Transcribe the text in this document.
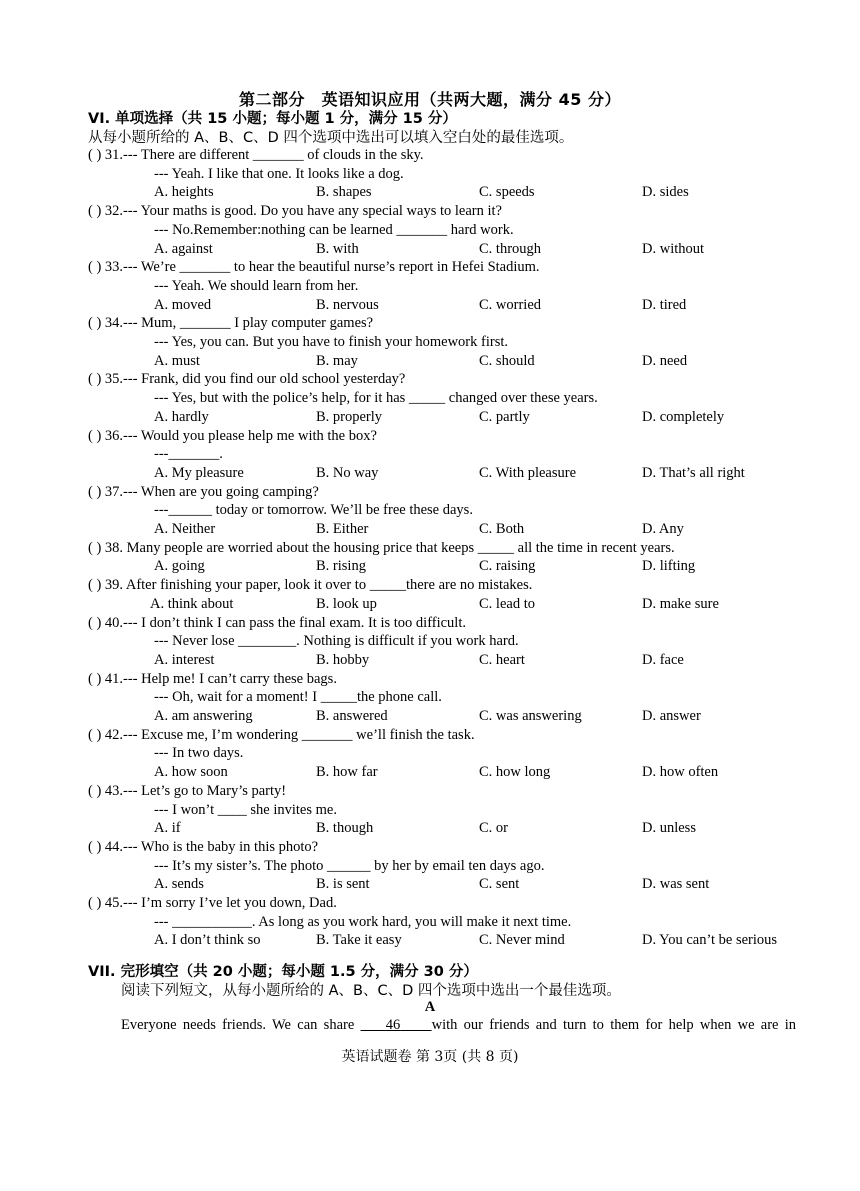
第二部分　英语知识应用（共两大题，满分 45 分）
VI. 单项选择（共 15 小题；每小题 1 分，满分 15 分）
从每小题所给的 A、B、C、D 四个选项中选出可以填入空白处的最佳选项。
( ) 31.--- There are different _______ of clouds in the sky.
--- Yeah. I like that one. It looks like a dog.
A. heights	B. shapes	C. speeds	D. sides
( ) 32.--- Your maths is good. Do you have any special ways to learn it?
--- No.Remember:nothing can be learned _______ hard work.
A. against	B. with	C. through	D. without
( ) 33.--- We’re _______ to hear the beautiful nurse’s report in Hefei Stadium.
--- Yeah. We should learn from her.
A. moved	B. nervous	C. worried	D. tired
( ) 34.--- Mum, _______ I play computer games?
--- Yes, you can. But you have to finish your homework first.
A. must	B. may	C. should	D. need
( ) 35.--- Frank, did you find our old school yesterday?
--- Yes, but with the police’s help, for it has _____ changed over these years.
A. hardly	B. properly	C. partly	D. completely
( ) 36.--- Would you please help me with the box?
---_______.
A. My pleasure	B. No way	C. With pleasure	D. That’s all right
( ) 37.--- When are you going camping?
---______ today or tomorrow. We’ll be free these days.
A. Neither	B. Either	C. Both	D. Any
( ) 38. Many people are worried about the housing price that keeps _____ all the time in recent years.
A. going	B. rising	C. raising	D. lifting
( ) 39. After finishing your paper, look it over to _____there are no mistakes.
A. think about	B. look up	C. lead to	D. make sure
( ) 40.--- I don’t think I can pass the final exam. It is too difficult.
--- Never lose ________. Nothing is difficult if you work hard.
A. interest	B. hobby	C. heart	D. face
( ) 41.--- Help me! I can’t carry these bags.
--- Oh, wait for a moment! I _____the phone call.
A. am answering	B. answered	C. was answering	D. answer
( ) 42.--- Excuse me, I’m wondering _______ we’ll finish the task.
--- In two days.
A. how soon	B. how far	C. how long	D. how often
( ) 43.--- Let’s go to Mary’s party!
--- I won’t ____ she invites me.
A. if	B. though	C. or	D. unless
( ) 44.--- Who is the baby in this photo?
--- It’s my sister’s. The photo ______ by her by email ten days ago.
A. sends	B. is sent	C. sent	D. was sent
( ) 45.--- I’m sorry I’ve let you down, Dad.
--- ___________. As long as you work hard, you will make it next time.
A. I don’t think so	B. Take it easy	C. Never mind	D. You can’t be serious
VII. 完形填空（共 20 小题；每小题 1.5 分，满分 30 分）
阅读下列短文，从每小题所给的 A、B、C、D 四个选项中选出一个最佳选项。
A
Everyone needs friends. We can share 46 with our friends and turn to them for help when we are in
英语试题卷 第 3页 (共 8 页)
